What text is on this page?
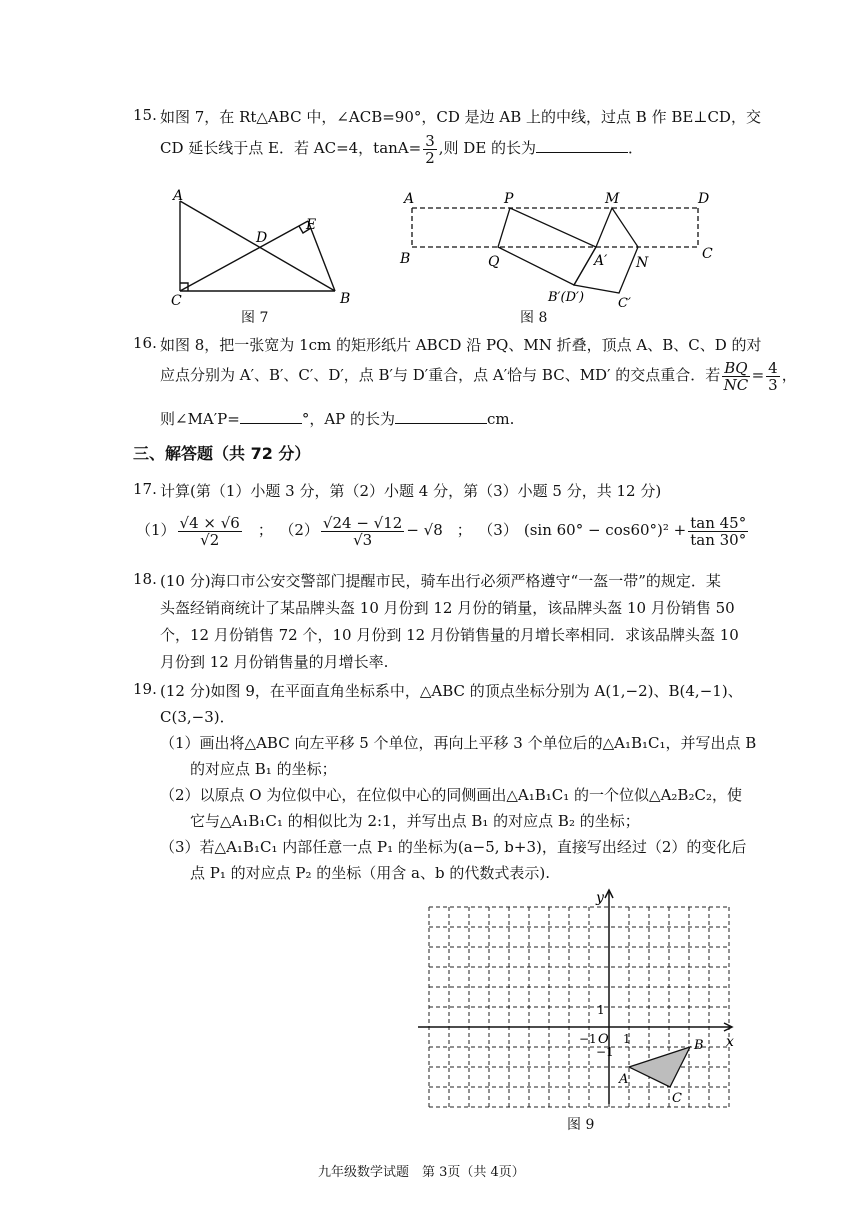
15. 如图 7，在 Rt△ABC 中，∠ACB=90°，CD 是边 AB 上的中线，过点 B 作 BE⊥CD，交
CD 延长线于点 E．若 AC=4，$\tan A= \frac{3}{2}$ ,则 DE 的长为	．
A
C	B
D
E
图 7
A	P	M	D
B	Q	A′ N
C
B′(D′)	C′
图 8
16. 如图 8，把一张宽为 1cm 的矩形纸片 ABCD 沿 PQ、MN 折叠，顶点 A、B、C、D 的对
应点分别为 A′、B′、C′、D′，点 B′与 D′重合，点 A′恰与 BC、MD′ 的交点重合．若 $\frac{BQ}{NC} = \frac{4}{3}$ ，
则∠MA′P=	°，AP 的长为	cm.
三、解答题（共 72 分）
17. 计算(第（1）小题 3 分，第（2）小题 4 分，第（3）小题 5 分，共 12 分)
$(1) \frac{√4 \times √6}{√2}$ ； $(2) \frac{√24 - √12}{√3} - √8$ ； （3） (sin $60^\circ - \cos 60^\circ)^2 + \frac{\tan 45^\circ}{\tan 30^\circ}$
18. (10 分)海口市公安交警部门提醒市民，骑车出行必须严格遵守“一盔一带”的规定．某
头盔经销商统计了某品牌头盔 10 月份到 12 月份的销量，该品牌头盔 10 月份销售 50
个，12 月份销售 72 个，10 月份到 12 月份销售量的月增长率相同．求该品牌头盔 10
月份到 12 月份销售量的月增长率.
19. (12 分)如图 9，在平面直角坐标系中，△ABC 的顶点坐标分别为 A(1,−2)、B(4,−1)、
C(3,−3)．
（1）画出将△ABC 向左平移 5 个单位，再向上平移 3 个单位后的△A₁B₁C₁，并写出点 B
的对应点 B₁ 的坐标；
（2）以原点 O 为位似中心，在位似中心的同侧画出△A₁B₁C₁ 的一个位似△A₂B₂C₂，使
它与△A₁B₁C₁ 的相似比为 2:1，并写出点 B₁ 的对应点 B₂ 的坐标；
（3）若△A₁B₁C₁ 内部任意一点 P₁ 的坐标为(a−5, b+3)，直接写出经过（2）的变化后
点 P₁ 的对应点 P₂ 的坐标（用含 a、b 的代数式表示).
y
x
O
1
−1 1
−1
A
B
C
图 9
九年级数学试题　第 3页（共 4页）
